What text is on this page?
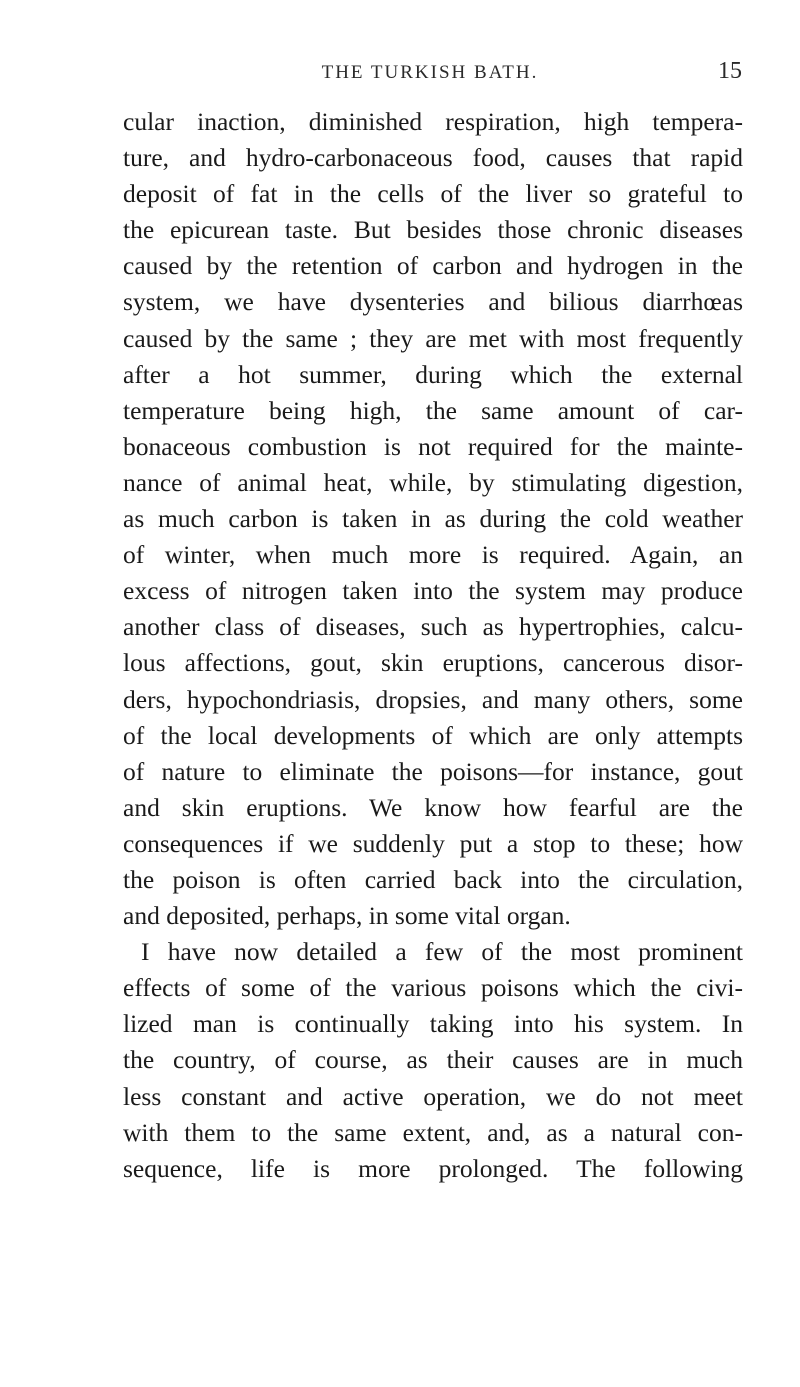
THE TURKISH BATH.	15
cular inaction, diminished respiration, high tempera-
ture, and hydro-carbonaceous food, causes that rapid
deposit of fat in the cells of the liver so grateful to
the epicurean taste. But besides those chronic diseases
caused by the retention of carbon and hydrogen in the
system, we have dysenteries and bilious diarrhœas
caused by the same ; they are met with most frequently
after a hot summer, during which the external
temperature being high, the same amount of car-
bonaceous combustion is not required for the mainte-
nance of animal heat, while, by stimulating digestion,
as much carbon is taken in as during the cold weather
of winter, when much more is required. Again, an
excess of nitrogen taken into the system may produce
another class of diseases, such as hypertrophies, calcu-
lous affections, gout, skin eruptions, cancerous disor-
ders, hypochondriasis, dropsies, and many others, some
of the local developments of which are only attempts
of nature to eliminate the poisons—for instance, gout
and skin eruptions. We know how fearful are the
consequences if we suddenly put a stop to these; how
the poison is often carried back into the circulation,
and deposited, perhaps, in some vital organ.
I have now detailed a few of the most prominent
effects of some of the various poisons which the civi-
lized man is continually taking into his system. In
the country, of course, as their causes are in much
less constant and active operation, we do not meet
with them to the same extent, and, as a natural con-
sequence, life is more prolonged. The following
